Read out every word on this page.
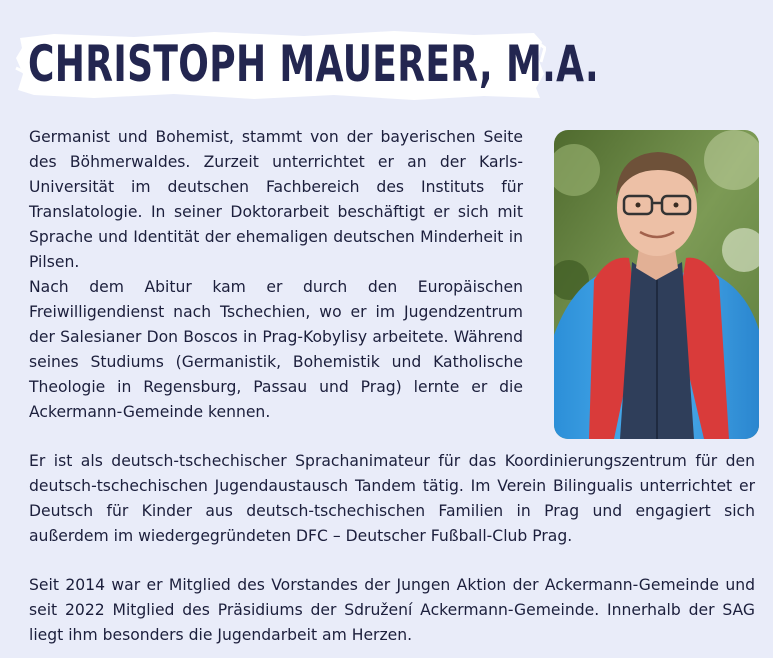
CHRISTOPH MAUERER, M.A.

Germanist und Bohemist, stammt von der bayerischen Seite des Böhmerwaldes. Zurzeit unterrichtet er an der Karls-Universität im deutschen Fachbereich des Instituts für Translatologie. In seiner Doktorarbeit beschäftigt er sich mit Sprache und Identität der ehemaligen deutschen Minderheit in Pilsen.

Nach dem Abitur kam er durch den Europäischen Freiwilligendienst nach Tschechien, wo er im Jugendzentrum der Salesianer Don Boscos in Prag-Kobylisy arbeitete. Während seines Studiums (Germanistik, Bohemistik und Katholische Theologie in Regensburg, Passau und Prag) lernte er die Ackermann-Gemeinde kennen.

Er ist als deutsch-tschechischer Sprachanimateur für das Koordinierungszentrum für den deutsch-tschechischen Jugendaustausch Tandem tätig. Im Verein Bilingualis unterrichtet er Deutsch für Kinder aus deutsch-tschechischen Familien in Prag und engagiert sich außerdem im wiedergegründeten DFC – Deutscher Fußball-Club Prag.

Seit 2014 war er Mitglied des Vorstandes der Jungen Aktion der Ackermann-Gemeinde und seit 2022 Mitglied des Präsidiums der Sdružení Ackermann-Gemeinde. Innerhalb der SAG liegt ihm besonders die Jugendarbeit am Herzen.
